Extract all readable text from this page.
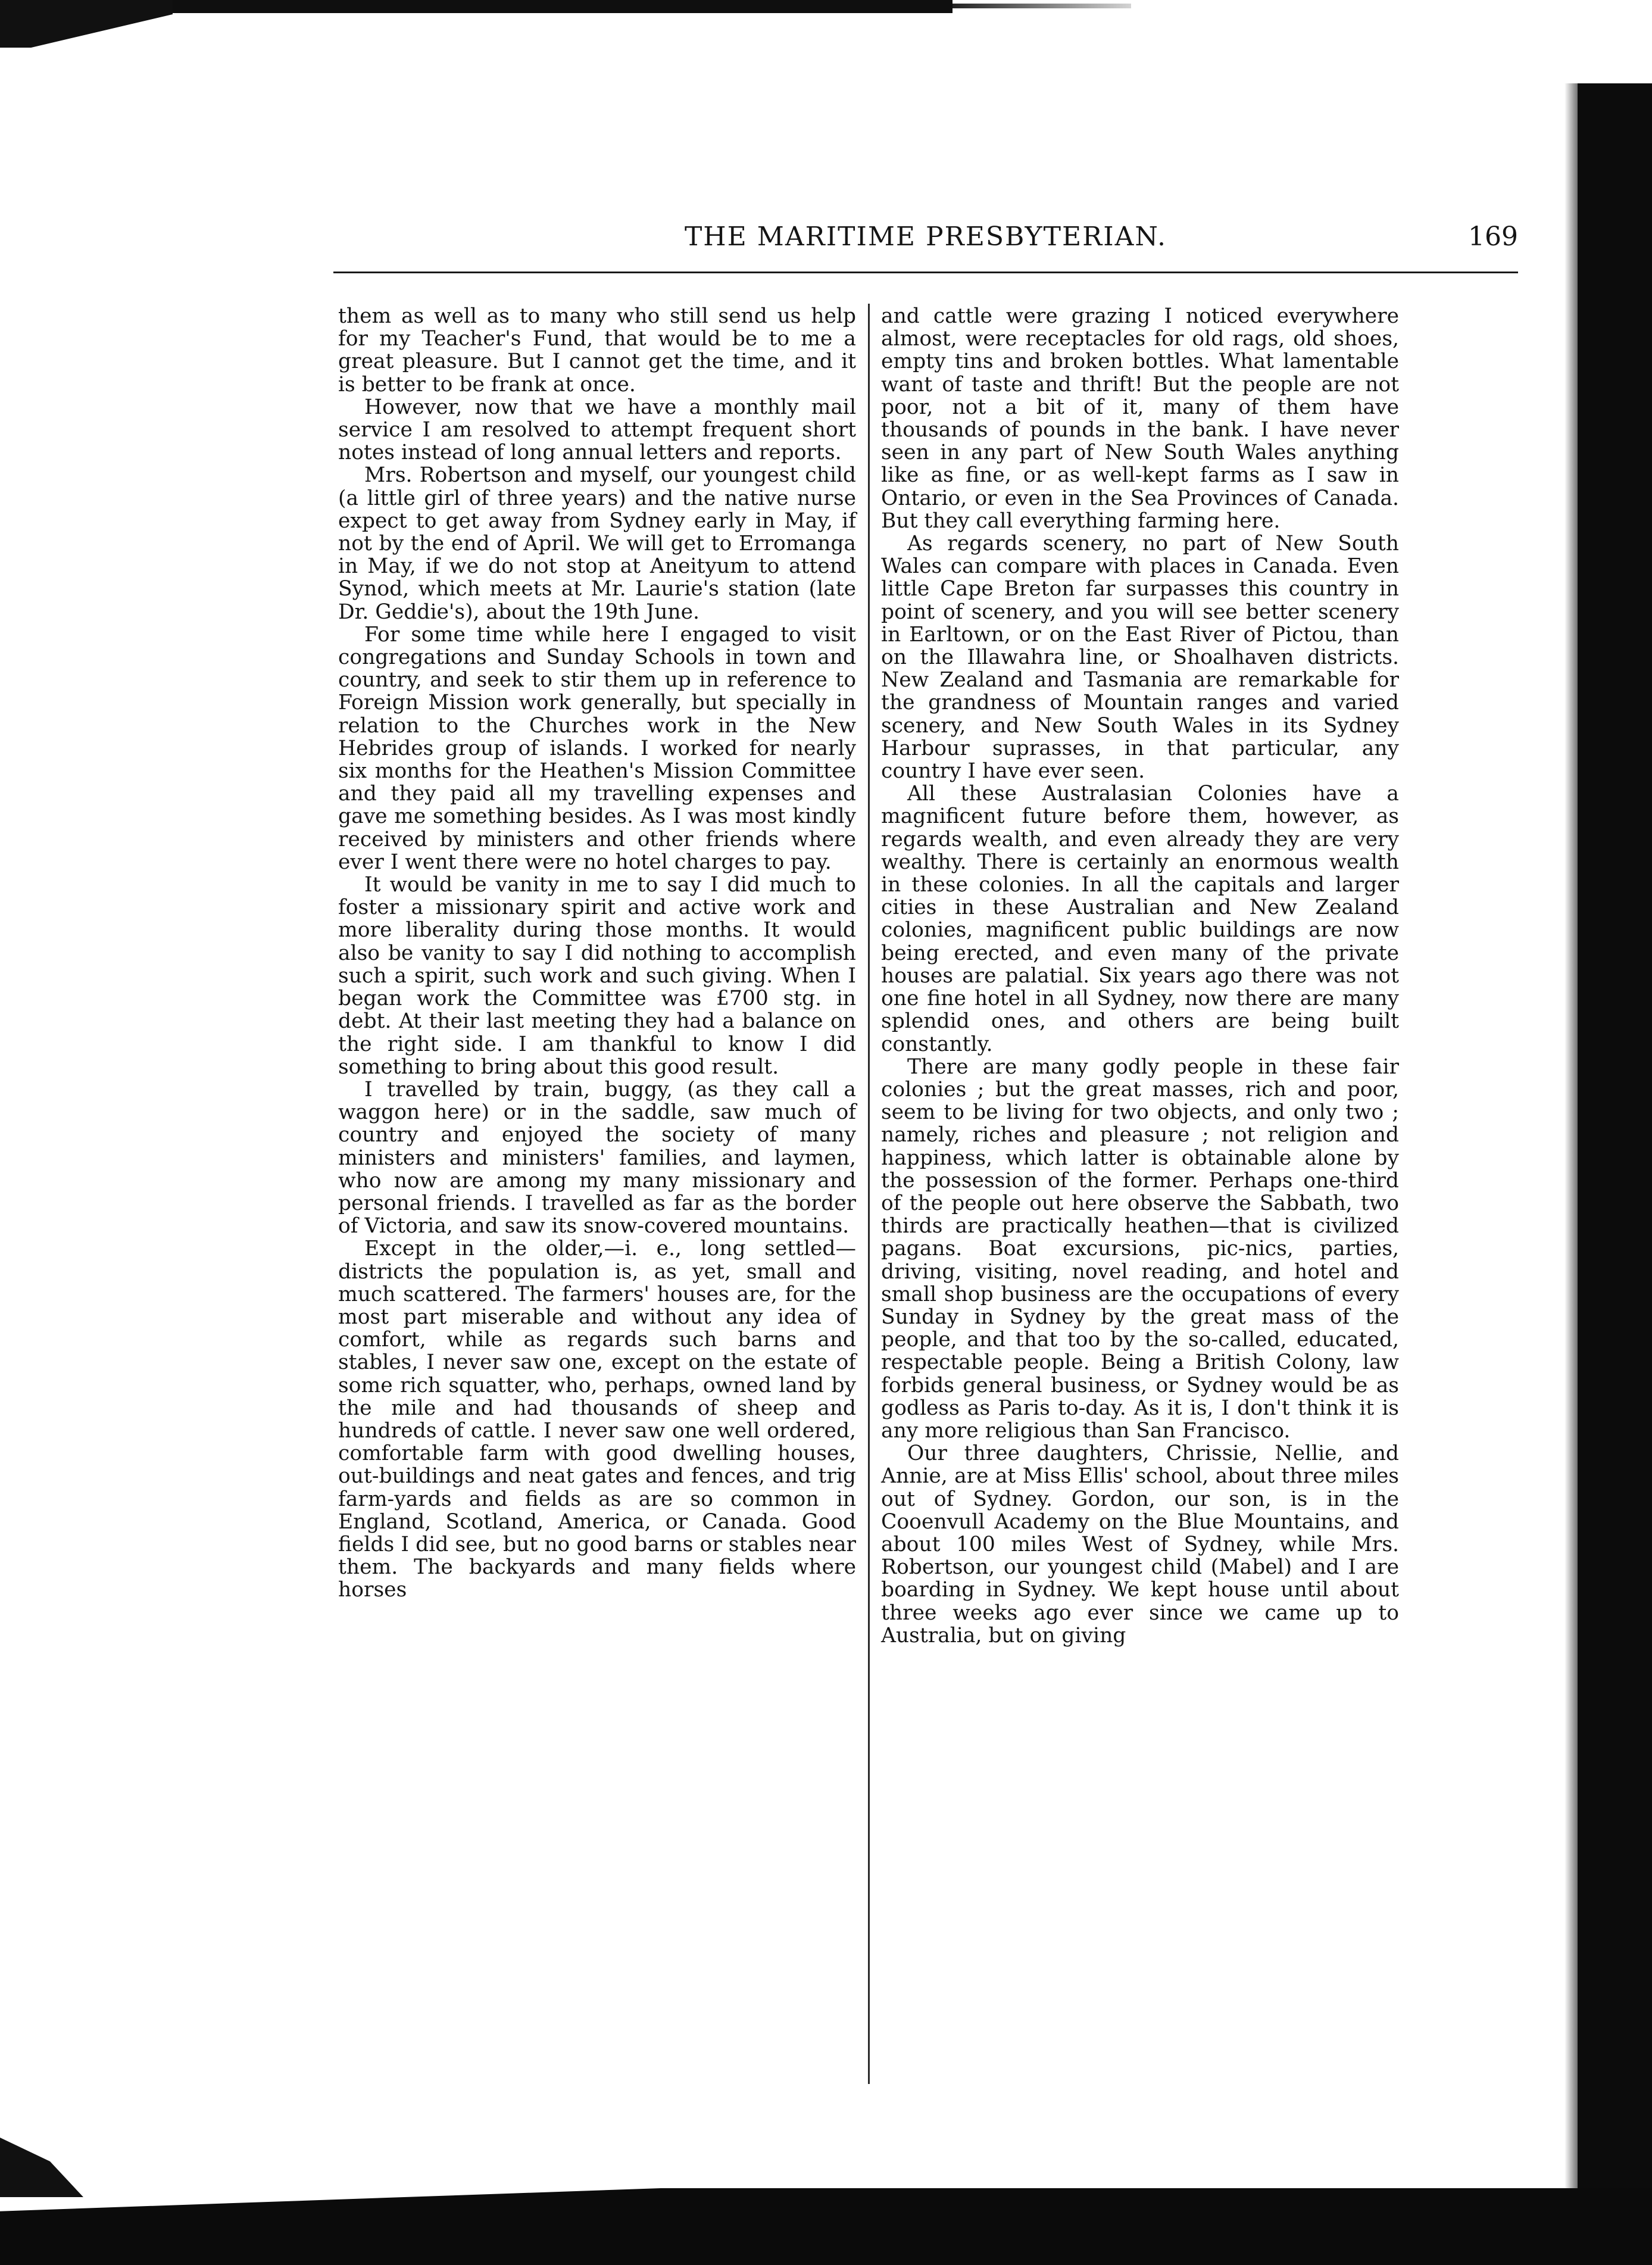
THE MARITIME PRESBYTERIAN.	169

them as well as to many who still send us help for my Teacher's Fund, that would be to me a great pleasure. But I cannot get the time, and it is better to be frank at once.

However, now that we have a monthly mail service I am resolved to attempt frequent short notes instead of long annual letters and reports.

Mrs. Robertson and myself, our youngest child (a little girl of three years) and the native nurse expect to get away from Sydney early in May, if not by the end of April. We will get to Erromanga in May, if we do not stop at Aneityum to attend Synod, which meets at Mr. Laurie's station (late Dr. Geddie's), about the 19th June.

For some time while here I engaged to visit congregations and Sunday Schools in town and country, and seek to stir them up in reference to Foreign Mission work generally, but specially in relation to the Churches work in the New Hebrides group of islands. I worked for nearly six months for the Heathen's Mission Committee and they paid all my travelling expenses and gave me something besides. As I was most kindly received by ministers and other friends where ever I went there were no hotel charges to pay.

It would be vanity in me to say I did much to foster a missionary spirit and active work and more liberality during those months. It would also be vanity to say I did nothing to accomplish such a spirit, such work and such giving. When I began work the Committee was £700 stg. in debt. At their last meeting they had a balance on the right side. I am thankful to know I did something to bring about this good result.

I travelled by train, buggy, (as they call a waggon here) or in the saddle, saw much of country and enjoyed the society of many ministers and ministers' families, and laymen, who now are among my many missionary and personal friends. I travelled as far as the border of Victoria, and saw its snow-covered mountains.

Except in the older,—i. e., long settled—districts the population is, as yet, small and much scattered. The farmers' houses are, for the most part miserable and without any idea of comfort, while as regards such barns and stables, I never saw one, except on the estate of some rich squatter, who, perhaps, owned land by the mile and had thousands of sheep and hundreds of cattle. I never saw one well ordered, comfortable farm with good dwelling houses, out-buildings and neat gates and fences, and trig farm-yards and fields as are so common in England, Scotland, America, or Canada. Good fields I did see, but no good barns or stables near them. The backyards and many fields where horses

and cattle were grazing I noticed everywhere almost, were receptacles for old rags, old shoes, empty tins and broken bottles. What lamentable want of taste and thrift! But the people are not poor, not a bit of it, many of them have thousands of pounds in the bank. I have never seen in any part of New South Wales anything like as fine, or as well-kept farms as I saw in Ontario, or even in the Sea Provinces of Canada. But they call everything farming here.

As regards scenery, no part of New South Wales can compare with places in Canada. Even little Cape Breton far surpasses this country in point of scenery, and you will see better scenery in Earltown, or on the East River of Pictou, than on the Illawahra line, or Shoalhaven districts. New Zealand and Tasmania are remarkable for the grandness of Mountain ranges and varied scenery, and New South Wales in its Sydney Harbour suprasses, in that particular, any country I have ever seen.

All these Australasian Colonies have a magnificent future before them, however, as regards wealth, and even already they are very wealthy. There is certainly an enormous wealth in these colonies. In all the capitals and larger cities in these Australian and New Zealand colonies, magnificent public buildings are now being erected, and even many of the private houses are palatial. Six years ago there was not one fine hotel in all Sydney, now there are many splendid ones, and others are being built constantly.

There are many godly people in these fair colonies ; but the great masses, rich and poor, seem to be living for two objects, and only two ; namely, riches and pleasure ; not religion and happiness, which latter is obtainable alone by the possession of the former. Perhaps one-third of the people out here observe the Sabbath, two thirds are practically heathen—that is civilized pagans. Boat excursions, pic-nics, parties, driving, visiting, novel reading, and hotel and small shop business are the occupations of every Sunday in Sydney by the great mass of the people, and that too by the so-called, educated, respectable people. Being a British Colony, law forbids general business, or Sydney would be as godless as Paris to-day. As it is, I don't think it is any more religious than San Francisco.

Our three daughters, Chrissie, Nellie, and Annie, are at Miss Ellis' school, about three miles out of Sydney. Gordon, our son, is in the Cooenvull Academy on the Blue Mountains, and about 100 miles West of Sydney, while Mrs. Robertson, our youngest child (Mabel) and I are boarding in Sydney. We kept house until about three weeks ago ever since we came up to Australia, but on giving
